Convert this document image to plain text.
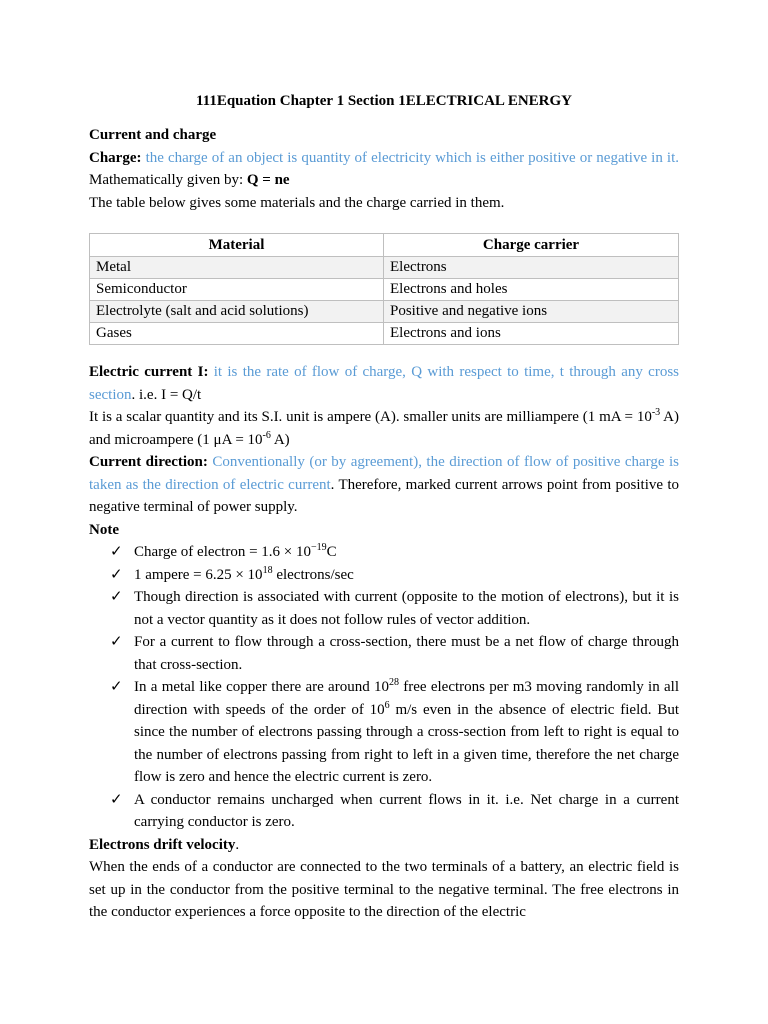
111Equation Chapter 1 Section 1ELECTRICAL ENERGY

Current and charge

Charge: the charge of an object is quantity of electricity which is either positive or negative in it. Mathematically given by: Q = ne

The table below gives some materials and the charge carried in them.

Material	Charge carrier
Metal	Electrons
Semiconductor	Electrons and holes
Electrolyte (salt and acid solutions)	Positive and negative ions
Gases	Electrons and ions

Electric current I: it is the rate of flow of charge, Q with respect to time, t through any cross section. i.e. I = Q/t

It is a scalar quantity and its S.I. unit is ampere (A). smaller units are milliampere (1 mA = $10^{-3}$ A) and microampere (1 $\mu A = 10^{-6}$ A)

Current direction: Conventionally (or by agreement), the direction of flow of positive charge is taken as the direction of electric current. Therefore, marked current arrows point from positive to negative terminal of power supply.

Note

✓ Charge of electron = $1.6 \times 10^{-19}C$
✓ 1 ampere = $6.25 \times 10^{18}$ electrons/sec
✓ Though direction is associated with current (opposite to the motion of electrons), but it is not a vector quantity as it does not follow rules of vector addition.
✓ For a current to flow through a cross-section, there must be a net flow of charge through that cross-section.
✓ In a metal like copper there are around $10^{28}$ free electrons per m3 moving randomly in all direction with speeds of the order of $10^6$ m/s even in the absence of electric field. But since the number of electrons passing through a cross-section from left to right is equal to the number of electrons passing from right to left in a given time, therefore the net charge flow is zero and hence the electric current is zero.
✓ A conductor remains uncharged when current flows in it. i.e. Net charge in a current carrying conductor is zero.

Electrons drift velocity.

When the ends of a conductor are connected to the two terminals of a battery, an electric field is set up in the conductor from the positive terminal to the negative terminal. The free electrons in the conductor experiences a force opposite to the direction of the electric
